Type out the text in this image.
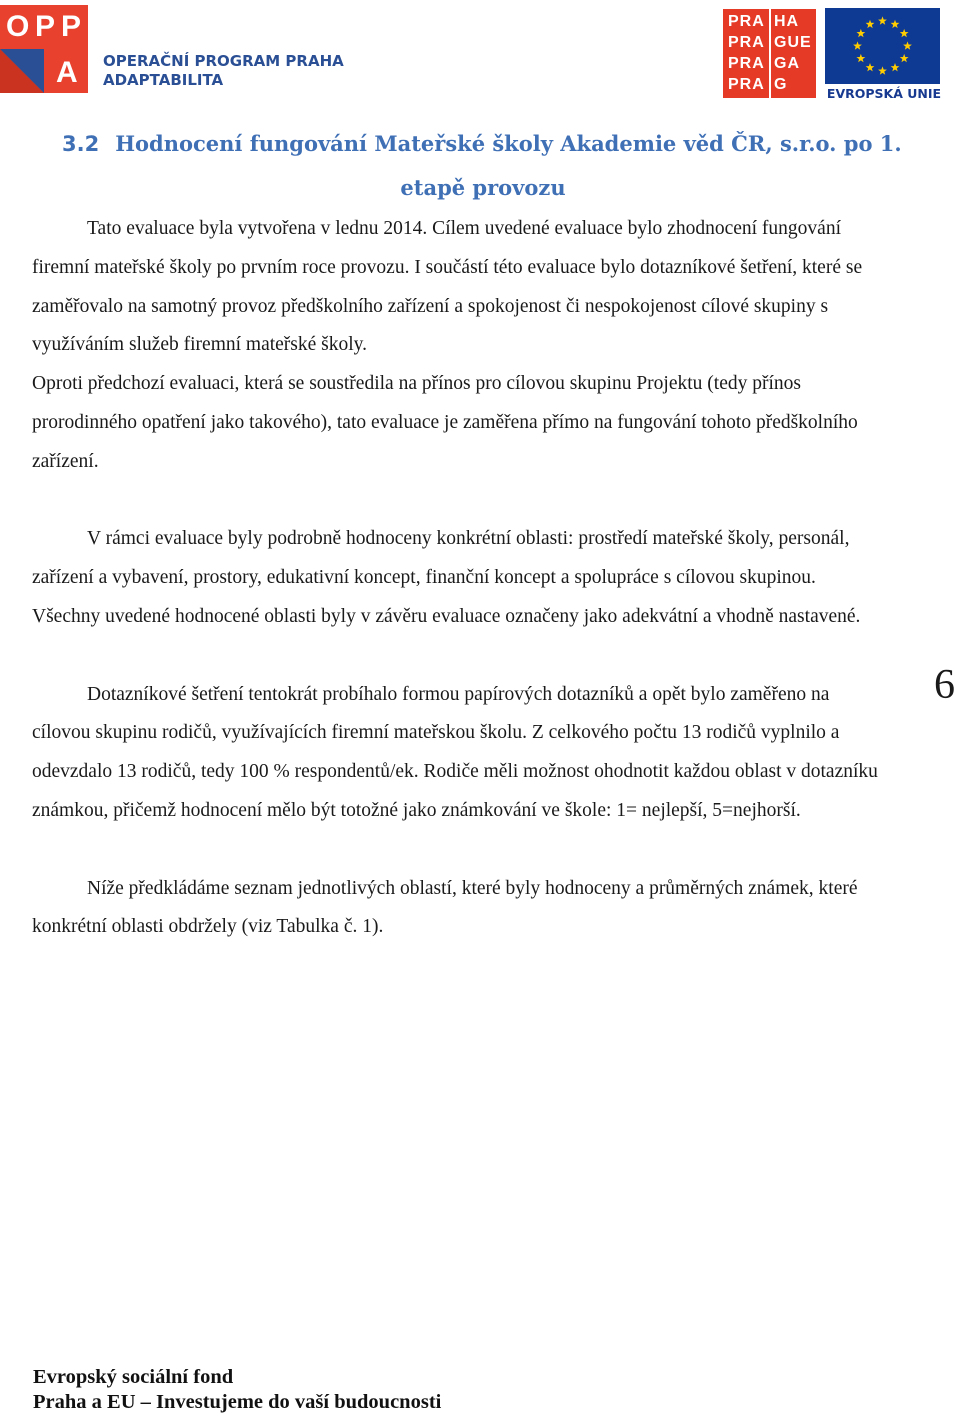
O P P
A OPERAČNÍ PROGRAM PRAHA
ADAPTABILITA
PRA
PRA
PRA
PRA
HA
GUE
GA
G
EVROPSKÁ UNIE
3.2 Hodnocení fungování Mateřské školy Akademie věd ČR, s.r.o. po 1.
etapě provozu

Tato evaluace byla vytvořena v lednu 2014. Cílem uvedené evaluace bylo zhodnocení fungování firemní mateřské školy po prvním roce provozu. I součástí této evaluace bylo dotazníkové šetření, které se zaměřovalo na samotný provoz předškolního zařízení a spokojenost či nespokojenost cílové skupiny s využíváním služeb firemní mateřské školy.

Oproti předchozí evaluaci, která se soustředila na přínos pro cílovou skupinu Projektu (tedy přínos prorodinného opatření jako takového), tato evaluace je zaměřena přímo na fungování tohoto předškolního zařízení.

V rámci evaluace byly podrobně hodnoceny konkrétní oblasti: prostředí mateřské školy, personál, zařízení a vybavení, prostory, edukativní koncept, finanční koncept a spolupráce s cílovou skupinou. Všechny uvedené hodnocené oblasti byly v závěru evaluace označeny jako adekvátní a vhodně nastavené.

Dotazníkové šetření tentokrát probíhalo formou papírových dotazníků a opět bylo zaměřeno na cílovou skupinu rodičů, využívajících firemní mateřskou školu. Z celkového počtu 13 rodičů vyplnilo a odevzdalo 13 rodičů, tedy 100 % respondentů/ek. Rodiče měli možnost ohodnotit každou oblast v dotazníku známkou, přičemž hodnocení mělo být totožné jako známkování ve škole: 1= nejlepší, 5=nejhorší.

Níže předkládáme seznam jednotlivých oblastí, které byly hodnoceny a průměrných známek, které konkrétní oblasti obdržely (viz Tabulka č. 1).

6
Evropský sociální fond
Praha a EU – Investujeme do vaší budoucnosti
